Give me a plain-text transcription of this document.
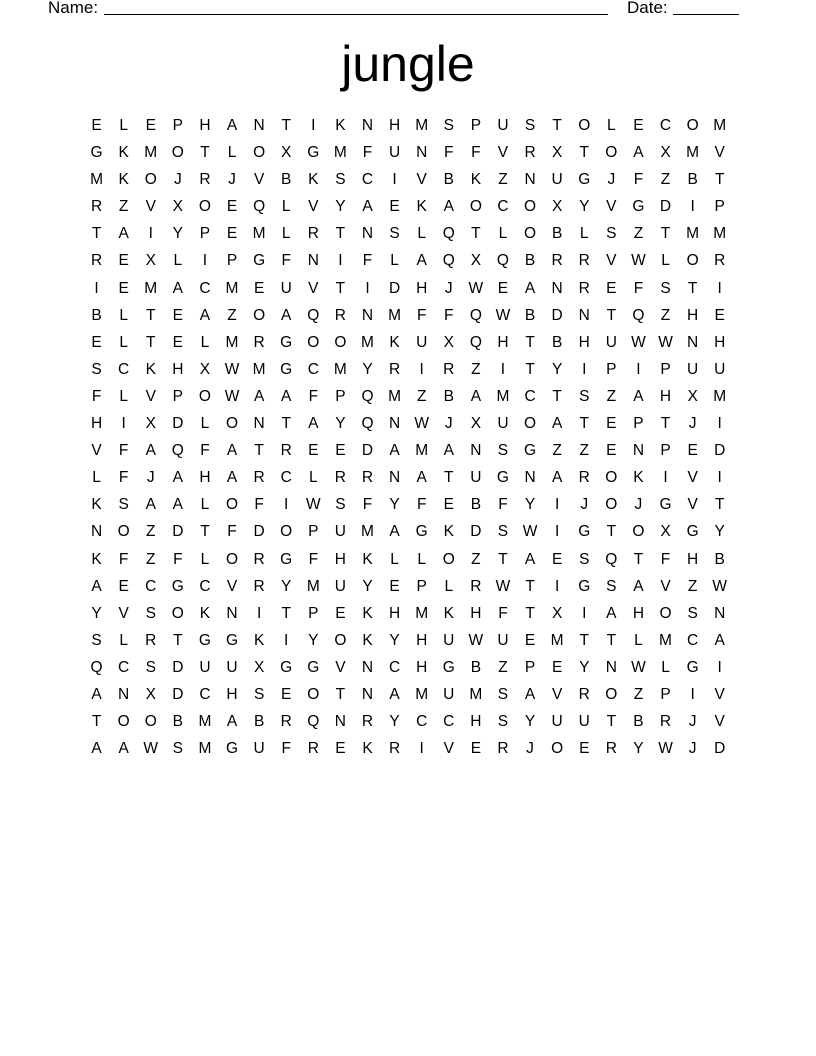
Name:	Date:
jungle
E	L	E	P	H	A	N	T	I	K	N	H M S	P	U	S	T	O	L	E	C O M
G	K M O	T	L	O	X	G M	F	U	N	F	F	V	R	X	T	O	A	X M V
M K	O	J	R	J	V	B	K	S	C	I	V	B	K	Z	N	U G	J	F	Z	B	T
R	Z	V	X	O	E	Q	L	V	Y	A	E	K	A	O C O	X	Y	V	G D	I	P
T	A	I	Y	P	E M	L	R	T	N	S	L	Q	T	L	O	B	L	S	Z	T	M M
R	E	X	L	I	P	G	F	N	I	F	L	A	Q	X	Q	B	R	R	V W L	O R
I	E M A	C M E	U	V	T	I	D	H	J	W E	A	N	R	E	F	S	T	I
B	L	T	E	A	Z	O	A	Q R	N M	F	F	Q W B	D	N	T	Q	Z	H	E
E	L	T	E	L	M R G O O M K	U	X	Q H	T	B	H	U W W N	H
S	C	K	H	X W M G C M Y	R	I	R	Z	I	T	Y	I	P	I	P	U	U
F	L	V	P	O W A	A	F	P	Q M	Z	B	A M C	T	S	Z	A	H	X M
H	I	X	D	L	O N	T	A	Y	Q N W	J	X	U O	A	T	E	P	T	J	I
V	F	A	Q	F	A	T	R	E	E	D	A M A	N	S	G	Z	Z	E	N	P	E	D
L	F	J	A	H	A	R	C	L	R	R	N	A	T	U G N	A	R O	K	I	V	I
K	S	A	A	L	O	F	I	W S	F	Y	F	E	B	F	Y	I	J	O	J	G	V	T
N O	Z	D	T	F	D O	P	U M A	G	K	D	S W	I	G	T	O	X	G	Y
K	F	Z	F	L	O R G	F	H	K	L	L	O	Z	T	A	E	S	Q	T	F	H	B
A	E	C G C	V	R	Y M U	Y	E	P	L	R W T	I	G	S	A	V	Z W
Y	V	S	O	K	N	I	T	P	E	K	H M K	H	F	T	X	I	A	H O	S	N
S	L	R	T	G G	K	I	Y	O	K	Y	H	U W U	E M	T	T	L	M C	A
Q C	S	D	U	U	X	G G	V	N	C	H G	B	Z	P	E	Y	N W L	G	I
A	N	X	D	C	H	S	E	O	T	N	A M U M S	A	V	R O	Z	P	I	V
T	O O	B M A	B	R Q N	R	Y	C	C	H	S	Y	U	U	T	B	R	J	V
A	A W S M G U	F	R	E	K	R	I	V	E	R	J	O	E	R	Y W	J	D
